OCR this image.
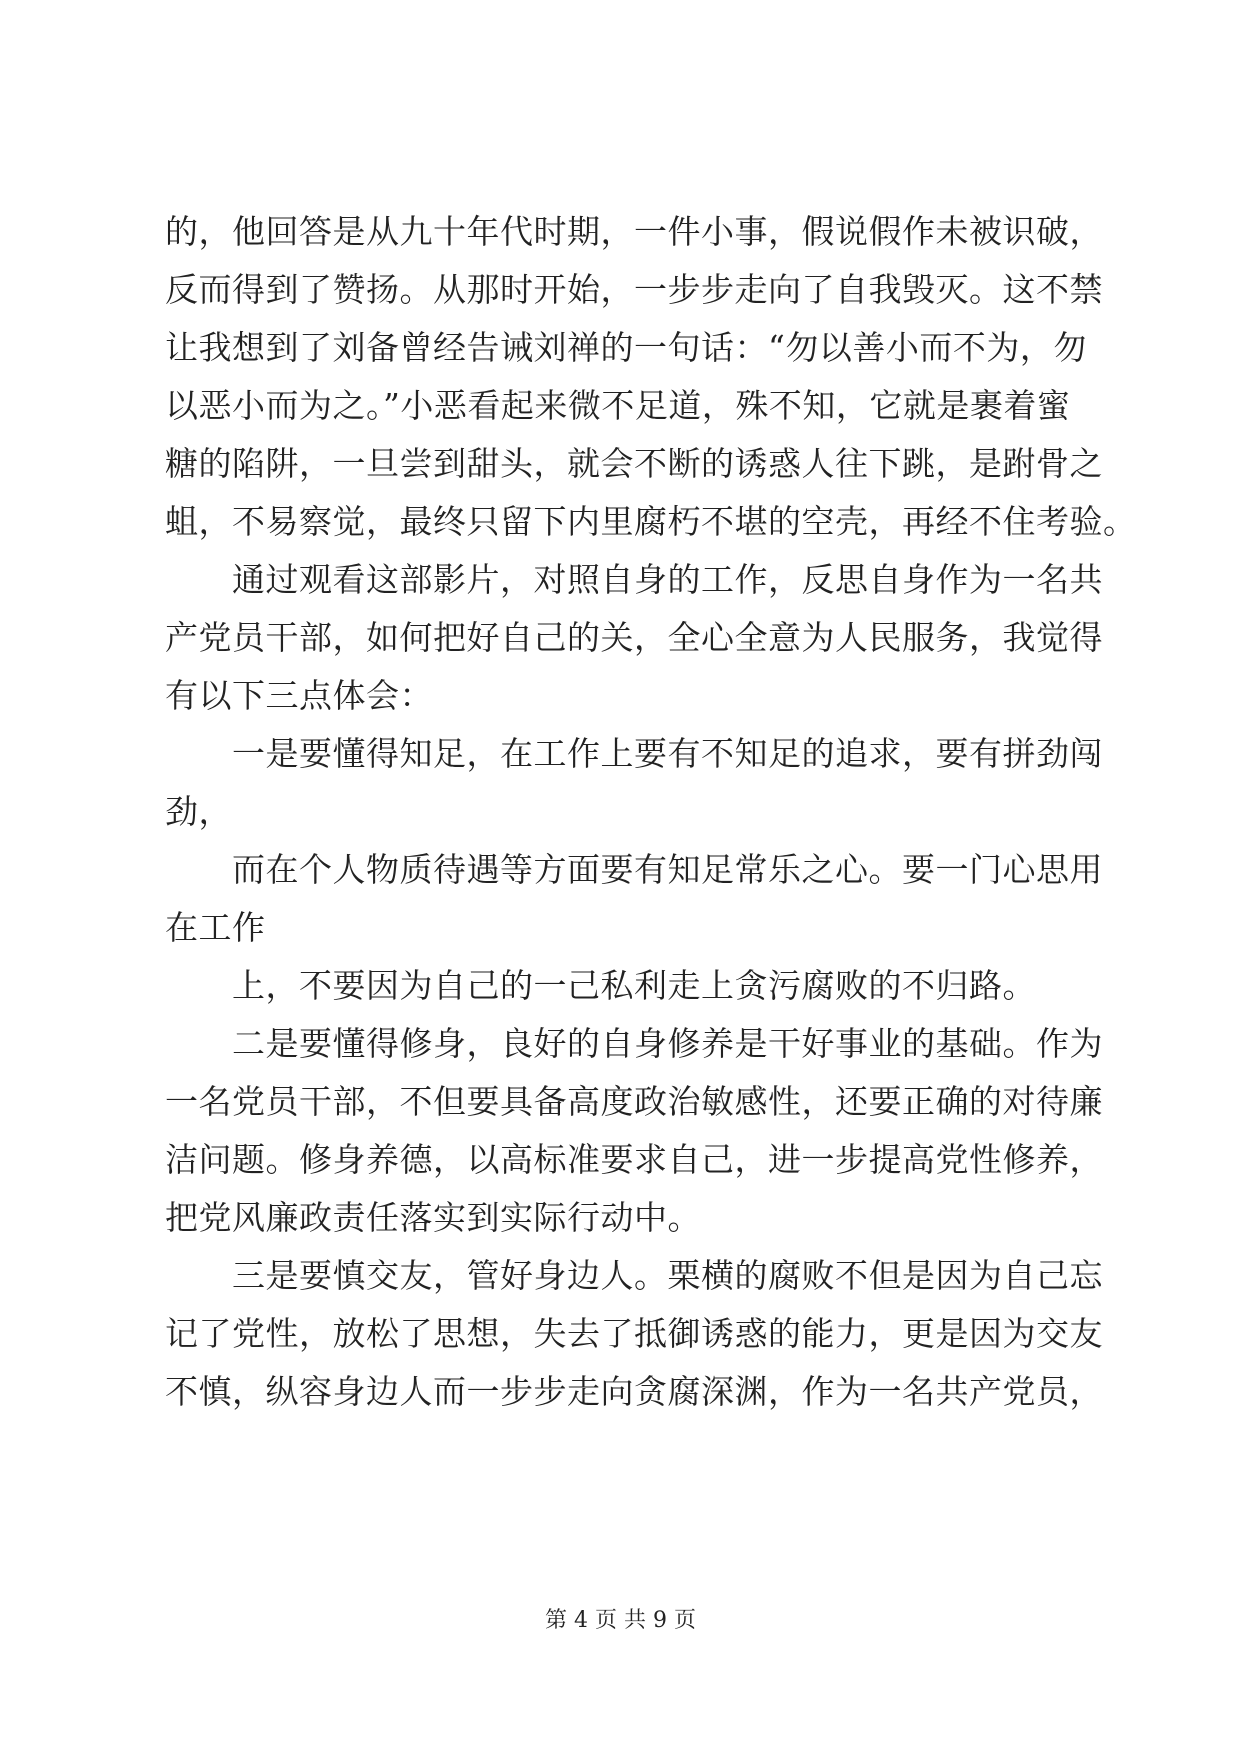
的，他回答是从九十年代时期，一件小事，假说假作未被识破，
反而得到了赞扬。从那时开始，一步步走向了自我毁灭。这不禁
让我想到了刘备曾经告诫刘禅的一句话：“勿以善小而不为，勿
以恶小而为之。”小恶看起来微不足道，殊不知，它就是裹着蜜
糖的陷阱，一旦尝到甜头，就会不断的诱惑人往下跳，是跗骨之
蛆，不易察觉，最终只留下内里腐朽不堪的空壳，再经不住考验。
通过观看这部影片，对照自身的工作，反思自身作为一名共
产党员干部，如何把好自己的关，全心全意为人民服务，我觉得
有以下三点体会：
一是要懂得知足，在工作上要有不知足的追求，要有拼劲闯
劲，
而在个人物质待遇等方面要有知足常乐之心。要一门心思用
在工作
上，不要因为自己的一己私利走上贪污腐败的不归路。
二是要懂得修身，良好的自身修养是干好事业的基础。作为
一名党员干部，不但要具备高度政治敏感性，还要正确的对待廉
洁问题。修身养德，以高标准要求自己，进一步提高党性修养，
把党风廉政责任落实到实际行动中。
三是要慎交友，管好身边人。栗横的腐败不但是因为自己忘
记了党性，放松了思想，失去了抵御诱惑的能力，更是因为交友
不慎，纵容身边人而一步步走向贪腐深渊，作为一名共产党员，
第 4 页 共 9 页
